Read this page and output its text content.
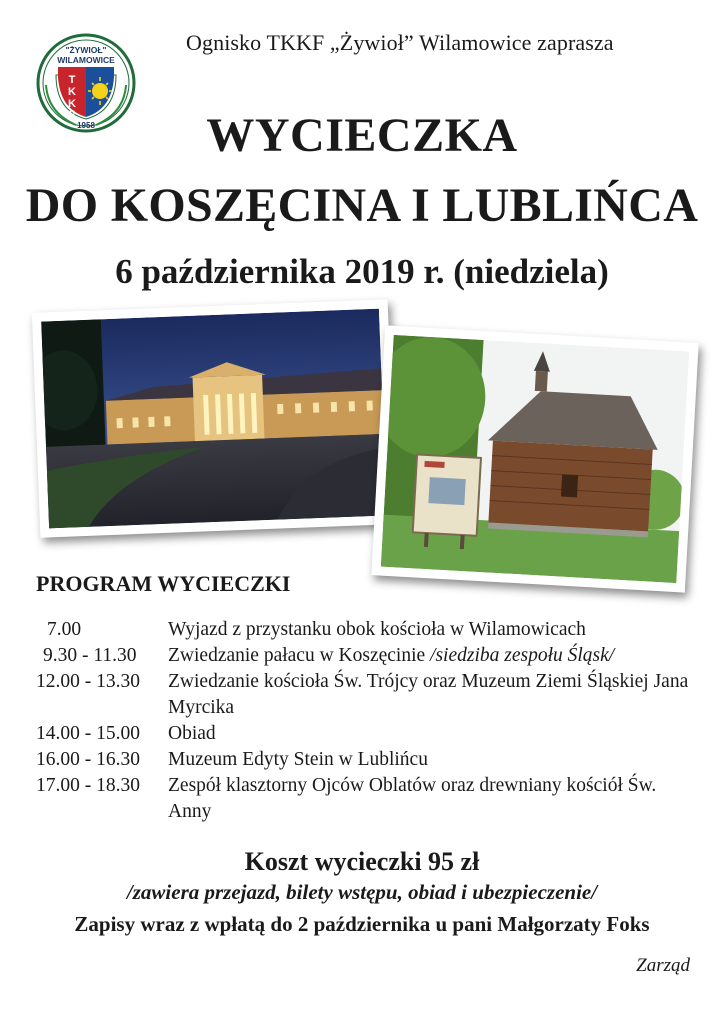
"ŻYWIOŁ"
WILAMOWICE
T
K
K
F
1958
Ognisko TKKF „Żywioł” Wilamowice zaprasza
WYCIECZKA
DO KOSZĘCINA I LUBLIŃCA
6 października 2019 r. (niedziela)
PROGRAM WYCIECZKI
7.00	Wyjazd z przystanku obok kościoła w Wilamowicach
9.30 - 11.30	Zwiedzanie pałacu w Koszęcinie /siedziba zespołu Śląsk/
12.00 - 13.30	Zwiedzanie kościoła Św. Trójcy oraz Muzeum Ziemi Śląskiej Jana Myrcika
14.00 - 15.00	Obiad
16.00 - 16.30	Muzeum Edyty Stein w Lublińcu
17.00 - 18.30	Zespół klasztorny Ojców Oblatów oraz drewniany kościół Św. Anny
Koszt wycieczki 95 zł
/zawiera przejazd, bilety wstępu, obiad i ubezpieczenie/
Zapisy wraz z wpłatą do 2 października u pani Małgorzaty Foks
Zarząd
